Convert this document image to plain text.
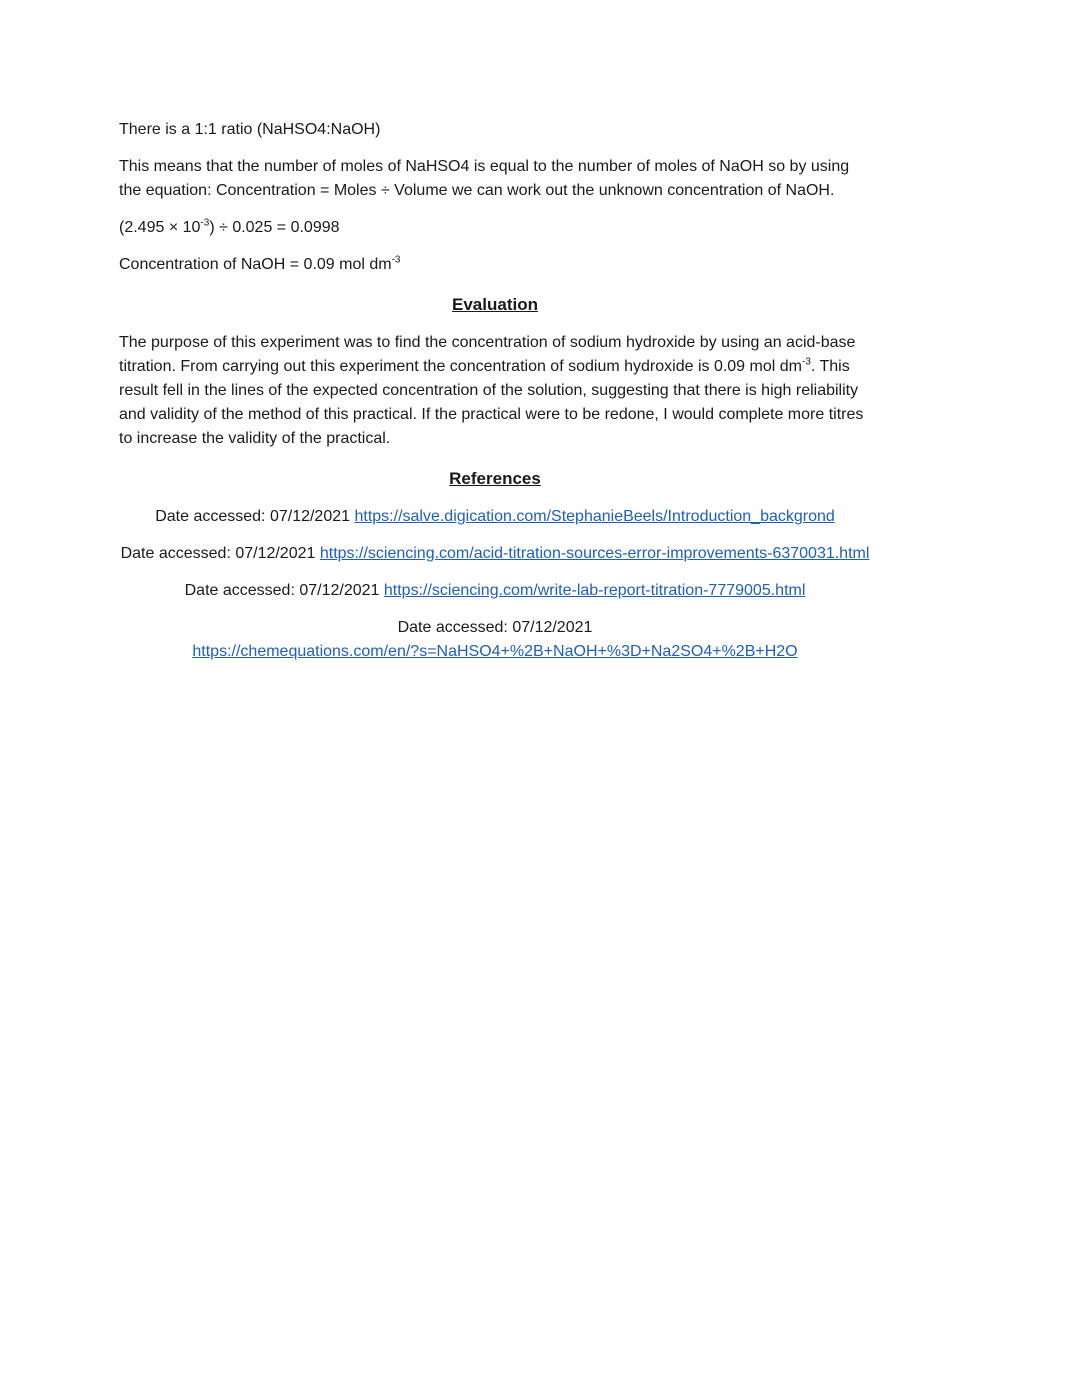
There is a 1:1 ratio (NaHSO4:NaOH)

This means that the number of moles of NaHSO4 is equal to the number of moles of NaOH so by using the equation: Concentration = Moles ÷ Volume we can work out the unknown concentration of NaOH.

$(2.495 \times 10^{-3}) \div 0.025 = 0.0998$

Concentration of NaOH = 0.09 mol $dm^{-3}$

Evaluation

The purpose of this experiment was to find the concentration of sodium hydroxide by using an acid-base titration. From carrying out this experiment the concentration of sodium hydroxide is 0.09 mol $dm^{-3}$. This result fell in the lines of the expected concentration of the solution, suggesting that there is high reliability and validity of the method of this practical. If the practical were to be redone, I would complete more titres to increase the validity of the practical.

References

Date accessed: 07/12/2021 https://salve.digication.com/StephanieBeels/Introduction_backgrond

Date accessed: 07/12/2021 https://sciencing.com/acid-titration-sources-error-improvements-6370031.html

Date accessed: 07/12/2021 https://sciencing.com/write-lab-report-titration-7779005.html

Date accessed: 07/12/2021
https://chemequations.com/en/?s=NaHSO4+%2B+NaOH+%3D+Na2SO4+%2B+H2O
